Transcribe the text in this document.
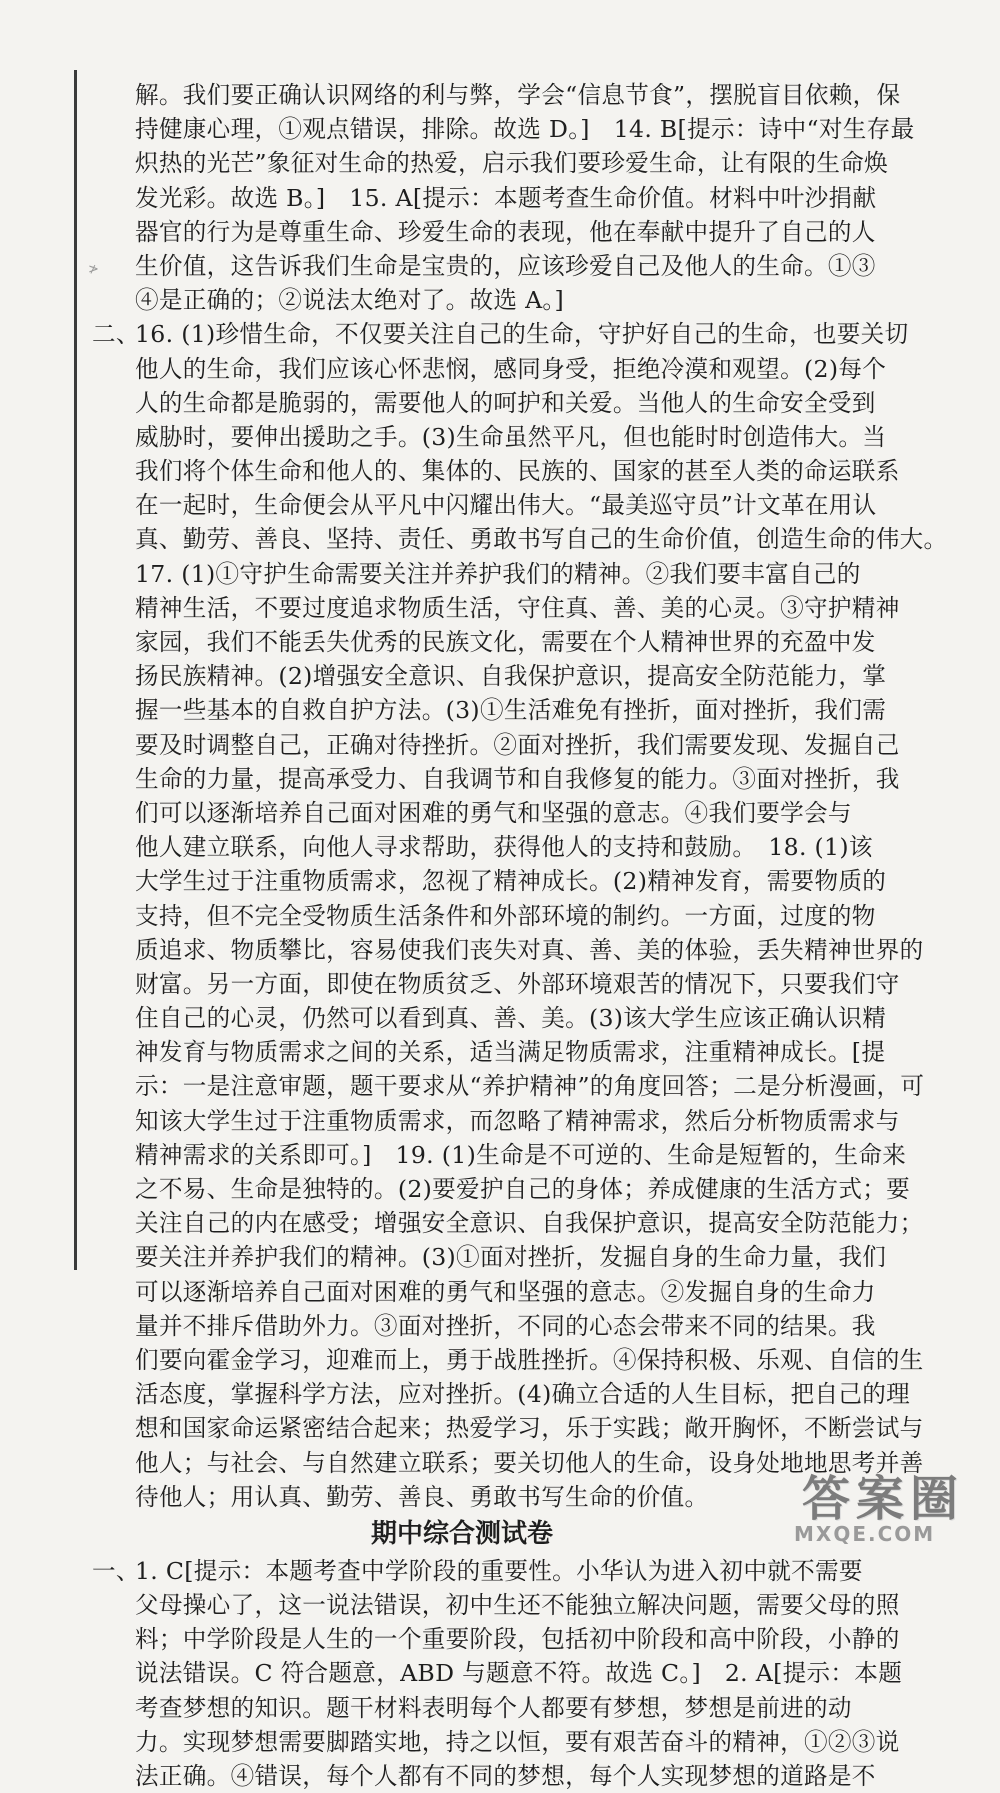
≯
解。我们要正确认识网络的利与弊，学会“信息节食”，摆脱盲目依赖，保
持健康心理，①观点错误，排除。故选 D。]　14. B[提示：诗中“对生存最
炽热的光芒”象征对生命的热爱，启示我们要珍爱生命，让有限的生命焕
发光彩。故选 B。]　15. A[提示：本题考查生命价值。材料中叶沙捐献
器官的行为是尊重生命、珍爱生命的表现，他在奉献中提升了自己的人
生价值，这告诉我们生命是宝贵的，应该珍爱自己及他人的生命。①③
④是正确的；②说法太绝对了。故选 A。]
二、16. (1)珍惜生命，不仅要关注自己的生命，守护好自己的生命，也要关切
他人的生命，我们应该心怀悲悯，感同身受，拒绝冷漠和观望。(2)每个
人的生命都是脆弱的，需要他人的呵护和关爱。当他人的生命安全受到
威胁时，要伸出援助之手。(3)生命虽然平凡，但也能时时创造伟大。当
我们将个体生命和他人的、集体的、民族的、国家的甚至人类的命运联系
在一起时，生命便会从平凡中闪耀出伟大。“最美巡守员”计文革在用认
真、勤劳、善良、坚持、责任、勇敢书写自己的生命价值，创造生命的伟大。
17. (1)①守护生命需要关注并养护我们的精神。②我们要丰富自己的
精神生活，不要过度追求物质生活，守住真、善、美的心灵。③守护精神
家园，我们不能丢失优秀的民族文化，需要在个人精神世界的充盈中发
扬民族精神。(2)增强安全意识、自我保护意识，提高安全防范能力，掌
握一些基本的自救自护方法。(3)①生活难免有挫折，面对挫折，我们需
要及时调整自己，正确对待挫折。②面对挫折，我们需要发现、发掘自己
生命的力量，提高承受力、自我调节和自我修复的能力。③面对挫折，我
们可以逐渐培养自己面对困难的勇气和坚强的意志。④我们要学会与
他人建立联系，向他人寻求帮助，获得他人的支持和鼓励。　18. (1)该
大学生过于注重物质需求，忽视了精神成长。(2)精神发育，需要物质的
支持，但不完全受物质生活条件和外部环境的制约。一方面，过度的物
质追求、物质攀比，容易使我们丧失对真、善、美的体验，丢失精神世界的
财富。另一方面，即使在物质贫乏、外部环境艰苦的情况下，只要我们守
住自己的心灵，仍然可以看到真、善、美。(3)该大学生应该正确认识精
神发育与物质需求之间的关系，适当满足物质需求，注重精神成长。[提
示：一是注意审题，题干要求从“养护精神”的角度回答；二是分析漫画，可
知该大学生过于注重物质需求，而忽略了精神需求，然后分析物质需求与
精神需求的关系即可。]　19. (1)生命是不可逆的、生命是短暂的，生命来
之不易、生命是独特的。(2)要爱护自己的身体；养成健康的生活方式；要
关注自己的内在感受；增强安全意识、自我保护意识，提高安全防范能力；
要关注并养护我们的精神。(3)①面对挫折，发掘自身的生命力量，我们
可以逐渐培养自己面对困难的勇气和坚强的意志。②发掘自身的生命力
量并不排斥借助外力。③面对挫折，不同的心态会带来不同的结果。我
们要向霍金学习，迎难而上，勇于战胜挫折。④保持积极、乐观、自信的生
活态度，掌握科学方法，应对挫折。(4)确立合适的人生目标，把自己的理
想和国家命运紧密结合起来；热爱学习，乐于实践；敞开胸怀，不断尝试与
他人；与社会、与自然建立联系；要关切他人的生命，设身处地地思考并善
待他人；用认真、勤劳、善良、勇敢书写生命的价值。
期中综合测试卷
一、1. C[提示：本题考查中学阶段的重要性。小华认为进入初中就不需要
父母操心了，这一说法错误，初中生还不能独立解决问题，需要父母的照
料；中学阶段是人生的一个重要阶段，包括初中阶段和高中阶段，小静的
说法错误。C 符合题意，ABD 与题意不符。故选 C。]　2. A[提示：本题
考查梦想的知识。题干材料表明每个人都要有梦想，梦想是前进的动
力。实现梦想需要脚踏实地，持之以恒，要有艰苦奋斗的精神，①②③说
法正确。④错误，每个人都有不同的梦想，每个人实现梦想的道路是不
答案圈
MXQE.COM
